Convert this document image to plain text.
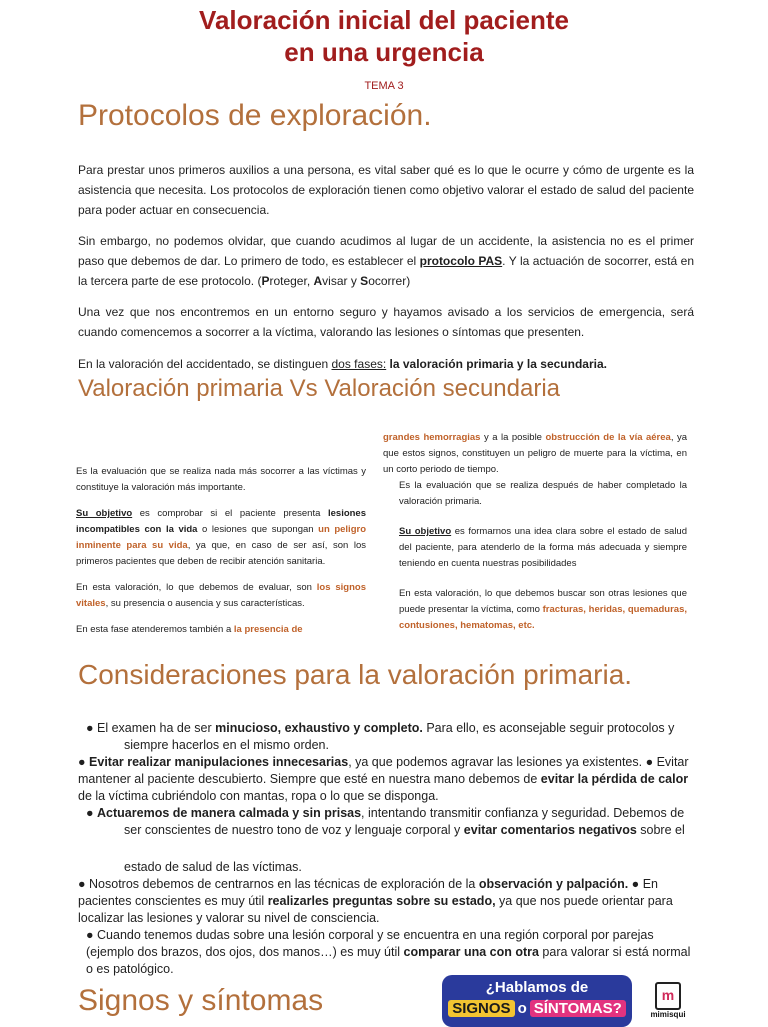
Valoración inicial del paciente
en una urgencia
TEMA 3
Protocolos de exploración.
Para prestar unos primeros auxilios a una persona, es vital saber qué es lo que le ocurre y cómo de urgente es la asistencia que necesita. Los protocolos de exploración tienen como objetivo valorar el estado de salud del paciente para poder actuar en consecuencia.
Sin embargo, no podemos olvidar, que cuando acudimos al lugar de un accidente, la asistencia no es el primer paso que debemos de dar. Lo primero de todo, es establecer el protocolo PAS. Y la actuación de socorrer, está en la tercera parte de ese protocolo. (Proteger, Avisar y Socorrer)
Una vez que nos encontremos en un entorno seguro y hayamos avisado a los servicios de emergencia, será cuando comencemos a socorrer a la víctima, valorando las lesiones o síntomas que presenten.
En la valoración del accidentado, se distinguen dos fases: la valoración primaria y la secundaria.
Valoración primaria Vs Valoración secundaria
Es la evaluación que se realiza nada más socorrer a las víctimas y constituye la valoración más importante.
Su objetivo es comprobar si el paciente presenta lesiones incompatibles con la vida o lesiones que supongan un peligro inminente para su vida, ya que, en caso de ser así, son los primeros pacientes que deben de recibir atención sanitaria.
En esta valoración, lo que debemos de evaluar, son los signos vitales, su presencia o ausencia y sus características.
En esta fase atenderemos también a la presencia de
grandes hemorragias y a la posible obstrucción de la vía aérea, ya que estos signos, constituyen un peligro de muerte para la víctima, en un corto periodo de tiempo.
Es la evaluación que se realiza después de haber completado la valoración primaria.
Su objetivo es formarnos una idea clara sobre el estado de salud del paciente, para atenderlo de la forma más adecuada y siempre teniendo en cuenta nuestras posibilidades
En esta valoración, lo que debemos buscar son otras lesiones que puede presentar la víctima, como fracturas, heridas, quemaduras, contusiones, hematomas, etc.
Consideraciones para la valoración primaria.
● El examen ha de ser minucioso, exhaustivo y completo. Para ello, es aconsejable seguir protocolos y
siempre hacerlos en el mismo orden.
● Evitar realizar manipulaciones innecesarias, ya que podemos agravar las lesiones ya existentes. ● Evitar mantener al paciente descubierto. Siempre que esté en nuestra mano debemos de evitar la pérdida de calor de la víctima cubriéndolo con mantas, ropa o lo que se disponga.
● Actuaremos de manera calmada y sin prisas, intentando transmitir confianza y seguridad. Debemos de
ser conscientes de nuestro tono de voz y lenguaje corporal y evitar comentarios negativos sobre el
estado de salud de las víctimas.
● Nosotros debemos de centrarnos en las técnicas de exploración de la observación y palpación. ● En pacientes conscientes es muy útil realizarles preguntas sobre su estado, ya que nos puede orientar para localizar las lesiones y valorar su nivel de consciencia.
● Cuando tenemos dudas sobre una lesión corporal y se encuentra en una región corporal por parejas (ejemplo dos brazos, dos ojos, dos manos…) es muy útil comparar una con otra para valorar si está normal o es patológico.
Signos y síntomas	¿Hablamos de
SIGNOS o SÍNTOMAS?
m
mimisqui
